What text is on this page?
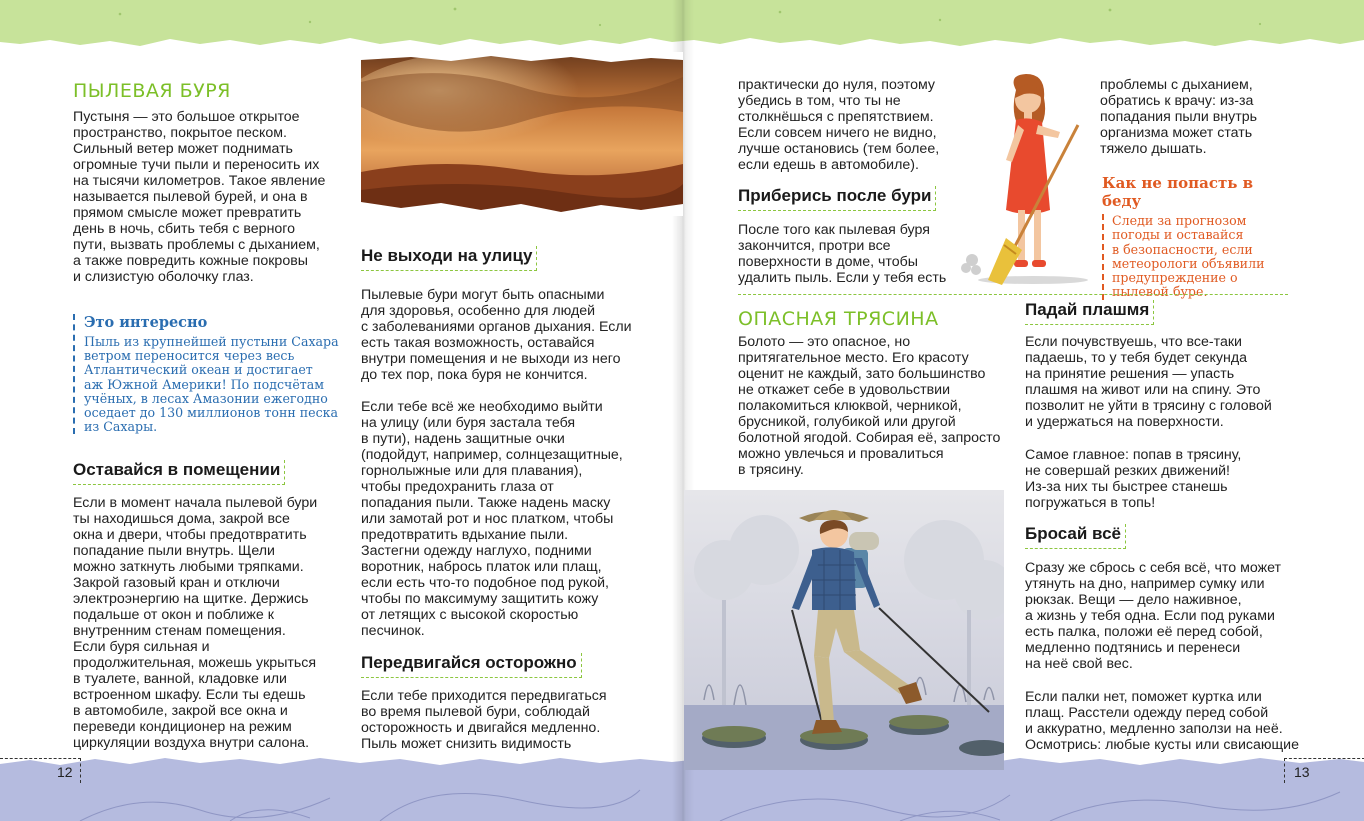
12	13
ПЫЛЕВАЯ БУРЯ
Пустыня — это большое открытое
пространство, покрытое песком.
Сильный ветер может поднимать
огромные тучи пыли и переносить их
на тысячи километров. Такое явление
называется пылевой бурей, и она в
прямом смысле может превратить
день в ночь, сбить тебя с верного
пути, вызвать проблемы с дыханием,
а также повредить кожные покровы
и слизистую оболочку глаз.
Это интересно
Пыль из крупнейшей пустыни Сахара
ветром переносится через весь
Атлантический океан и достигает
аж Южной Америки! По подсчётам
учёных, в лесах Амазонии ежегодно
оседает до 130 миллионов тонн песка
из Сахары.
Оставайся в помещении
Если в момент начала пылевой бури
ты находишься дома, закрой все
окна и двери, чтобы предотвратить
попадание пыли внутрь. Щели
можно заткнуть любыми тряпками.
Закрой газовый кран и отключи
электроэнергию на щитке. Держись
подальше от окон и поближе к
внутренним стенам помещения.
Если буря сильная и
продолжительная, можешь укрыться
в туалете, ванной, кладовке или
встроенном шкафу. Если ты едешь
в автомобиле, закрой все окна и
переведи кондиционер на режим
циркуляции воздуха внутри салона.
Не выходи на улицу
Пылевые бури могут быть опасными
для здоровья, особенно для людей
с заболеваниями органов дыхания. Если
есть такая возможность, оставайся
внутри помещения и не выходи из него
до тех пор, пока буря не кончится.
Если тебе всё же необходимо выйти
на улицу (или буря застала тебя
в пути), надень защитные очки
(подойдут, например, солнцезащитные,
горнолыжные или для плавания),
чтобы предохранить глаза от
попадания пыли. Также надень маску
или замотай рот и нос платком, чтобы
предотвратить вдыхание пыли.
Застегни одежду наглухо, подними
воротник, набрось платок или плащ,
если есть что-то подобное под рукой,
чтобы по максимуму защитить кожу
от летящих с высокой скоростью
песчинок.
Передвигайся осторожно
Если тебе приходится передвигаться
во время пылевой бури, соблюдай
осторожность и двигайся медленно.
Пыль может снизить видимость
практически до нуля, поэтому
убедись в том, что ты не
столкнёшься с препятствием.
Если совсем ничего не видно,
лучше остановись (тем более,
если едешь в автомобиле).
Приберись после бури
После того как пылевая буря
закончится, протри все
поверхности в доме, чтобы
удалить пыль. Если у тебя есть
проблемы с дыханием,
обратись к врачу: из-за
попадания пыли внутрь
организма может стать
тяжело дышать.
Как не попасть в беду
Следи за прогнозом
погоды и оставайся
в безопасности, если
метеорологи объявили
предупреждение о
пылевой буре.
ОПАСНАЯ ТРЯСИНА
Болото — это опасное, но
притягательное место. Его красоту
оценит не каждый, зато большинство
не откажет себе в удовольствии
полакомиться клюквой, черникой,
брусникой, голубикой или другой
болотной ягодой. Собирая её, запросто
можно увлечься и провалиться
в трясину.
Падай плашмя
Если почувствуешь, что все-таки
падаешь, то у тебя будет секунда
на принятие решения — упасть
плашмя на живот или на спину. Это
позволит не уйти в трясину с головой
и удержаться на поверхности.
Самое главное: попав в трясину,
не совершай резких движений!
Из-за них ты быстрее станешь
погружаться в топь!
Бросай всё
Сразу же сбрось с себя всё, что может
утянуть на дно, например сумку или
рюкзак. Вещи — дело наживное,
а жизнь у тебя одна. Если под руками
есть палка, положи её перед собой,
медленно подтянись и перенеси
на неё свой вес.
Если палки нет, поможет куртка или
плащ. Расстели одежду перед собой
и аккуратно, медленно заползи на неё.
Осмотрись: любые кусты или свисающие
